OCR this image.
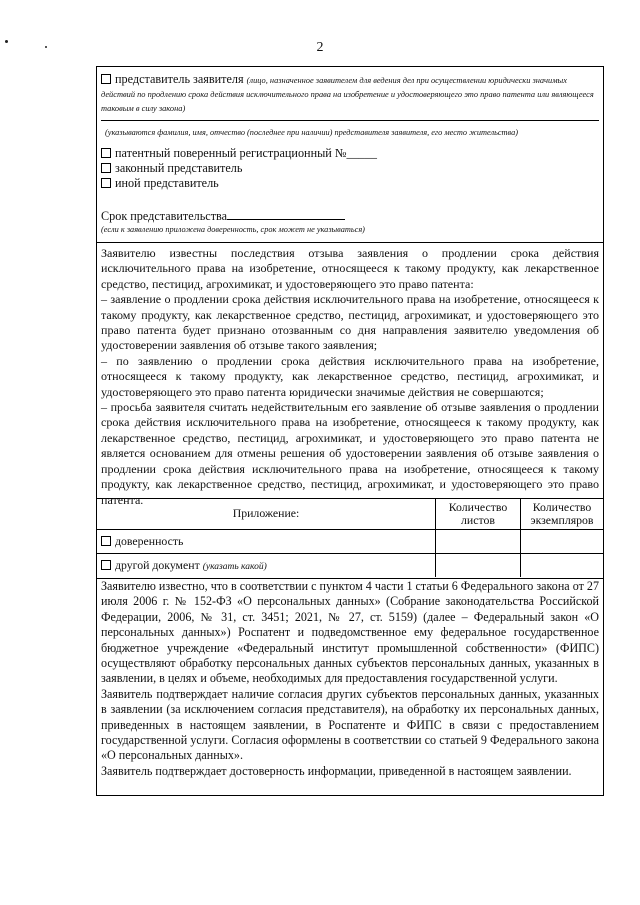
2
представитель заявителя (лицо, назначенное заявителем для ведения дел при осуществлении юридически значимых действий по продлению срока действия исключительного права на изобретение и удостоверяющего это право патента или являющееся таковым в силу закона)
(указываются фамилия, имя, отчество (последнее при наличии) представителя заявителя, его место жительства)
патентный поверенный регистрационный №_____
законный представитель
иной представитель
Срок представительства
(если к заявлению приложена доверенность, срок может не указываться)
Заявителю известны последствия отзыва заявления о продлении срока действия исключительного права на изобретение, относящееся к такому продукту, как лекарственное средство, пестицид, агрохимикат, и удостоверяющего это право патента:
– заявление о продлении срока действия исключительного права на изобретение, относящееся к такому продукту, как лекарственное средство, пестицид, агрохимикат, и удостоверяющего это право патента будет признано отозванным со дня направления заявителю уведомления об удостоверении заявления об отзыве такого заявления;
– по заявлению о продлении срока действия исключительного права на изобретение, относящееся к такому продукту, как лекарственное средство, пестицид, агрохимикат, и удостоверяющего это право патента юридически значимые действия не совершаются;
– просьба заявителя считать недействительным его заявление об отзыве заявления о продлении срока действия исключительного права на изобретение, относящееся к такому продукту, как лекарственное средство, пестицид, агрохимикат, и удостоверяющего это право патента не является основанием для отмены решения об удостоверении заявления об отзыве заявления о продлении срока действия исключительного права на изобретение, относящееся к такому продукту, как лекарственное средство, пестицид, агрохимикат, и удостоверяющего это право патента.
Приложение:	Количество листов	Количество экземпляров
доверенность		
другой документ (указать какой)		
Заявителю известно, что в соответствии с пунктом 4 части 1 статьи 6 Федерального закона от 27 июля 2006 г. № 152-ФЗ «О персональных данных» (Собрание законодательства Российской Федерации, 2006, № 31, ст. 3451; 2021, № 27, ст. 5159) (далее – Федеральный закон «О персональных данных») Роспатент и подведомственное ему федеральное государственное бюджетное учреждение «Федеральный институт промышленной собственности» (ФИПС) осуществляют обработку персональных данных субъектов персональных данных, указанных в заявлении, в целях и объеме, необходимых для предоставления государственной услуги.
Заявитель подтверждает наличие согласия других субъектов персональных данных, указанных в заявлении (за исключением согласия представителя), на обработку их персональных данных, приведенных в настоящем заявлении, в Роспатенте и ФИПС в связи с предоставлением государственной услуги. Согласия оформлены в соответствии со статьей 9 Федерального закона «О персональных данных».
Заявитель подтверждает достоверность информации, приведенной в настоящем заявлении.
